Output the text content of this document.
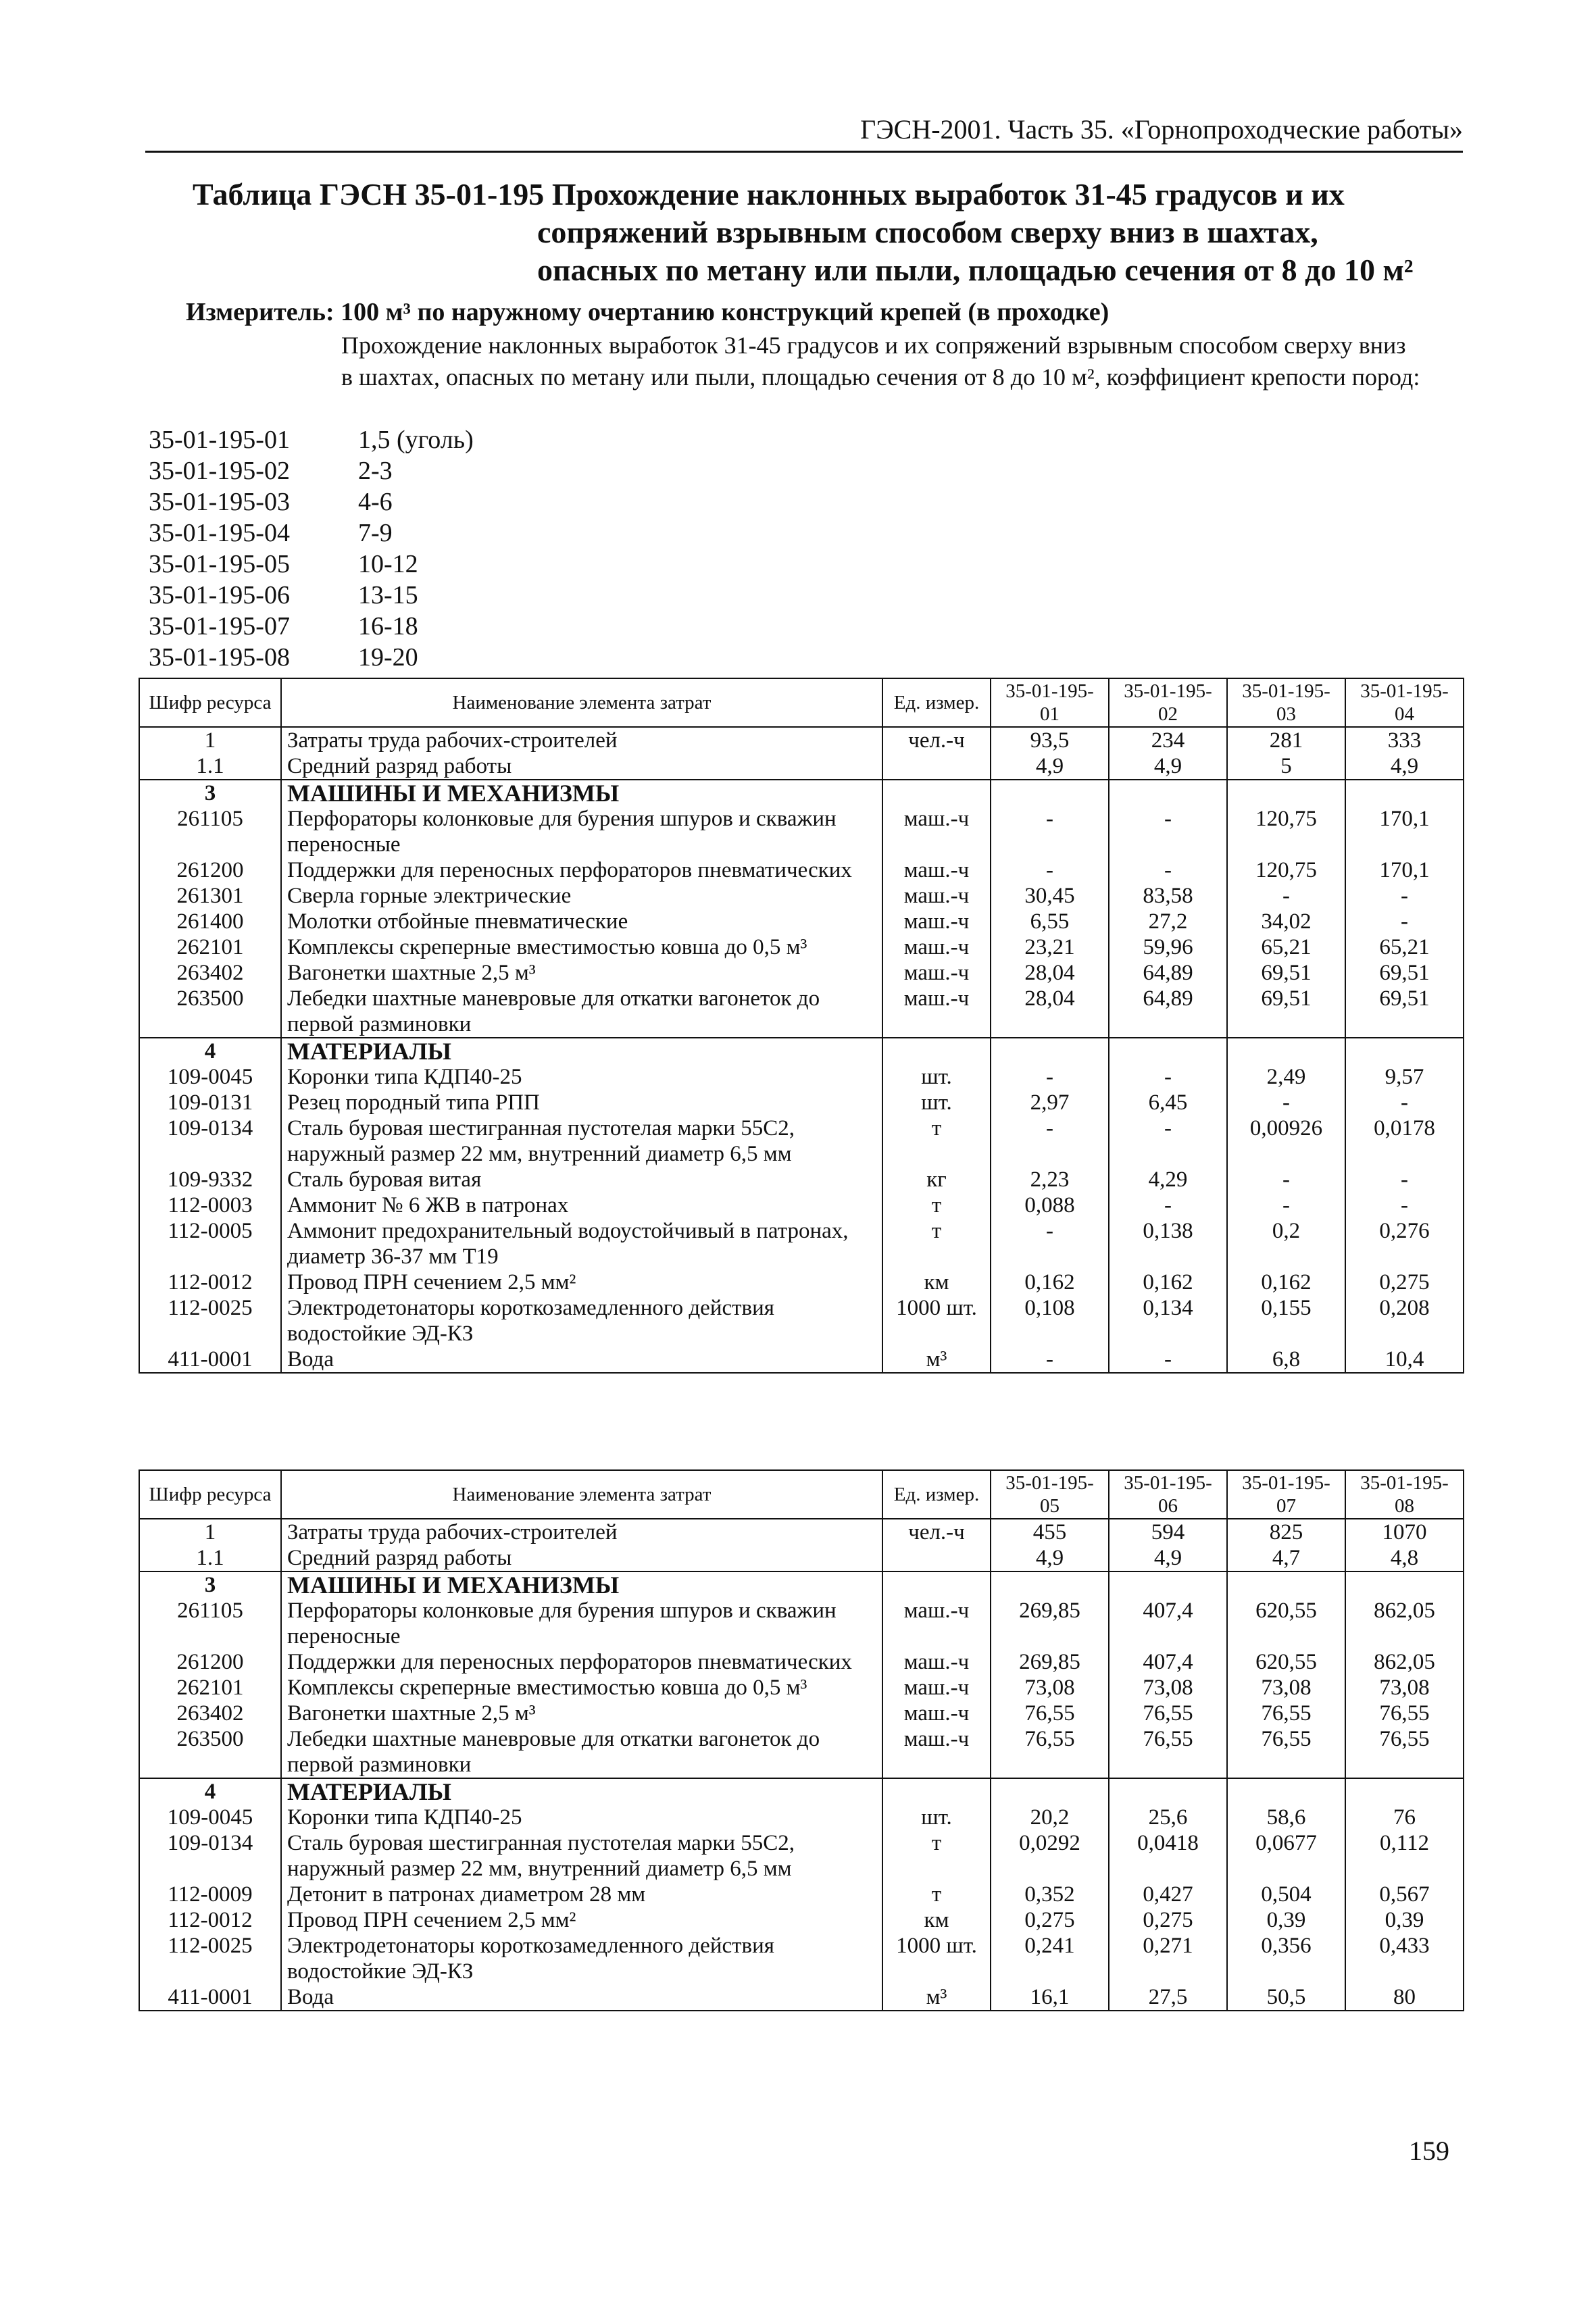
ГЭСН-2001. Часть 35. «Горнопроходческие работы»
Таблица ГЭСН 35-01-195 Прохождение наклонных выработок 31-45 градусов и их
сопряжений взрывным способом сверху вниз в шахтах,
опасных по метану или пыли, площадью сечения от 8 до 10 м²
Измеритель: 100 м³ по наружному очертанию конструкций крепей (в проходке)
Прохождение наклонных выработок 31-45 градусов и их сопряжений взрывным способом сверху вниз в шахтах, опасных по метану или пыли, площадью сечения от 8 до 10 м², коэффициент крепости пород:
35-01-195-01	1,5 (уголь)
35-01-195-02	2-3
35-01-195-03	4-6
35-01-195-04	7-9
35-01-195-05	10-12
35-01-195-06	13-15
35-01-195-07	16-18
35-01-195-08	19-20
Шифр ресурса	Наименование элемента затрат	Ед. измер.	35-01-195-01	35-01-195-02	35-01-195-03	35-01-195-04
1	Затраты труда рабочих-строителей	чел.-ч	93,5	234	281	333
1.1	Средний разряд работы		4,9	4,9	5	4,9
3	МАШИНЫ И МЕХАНИЗМЫ					
261105	Перфораторы колонковые для бурения шпуров и скважин переносные	маш.-ч	-	-	120,75	170,1
261200	Поддержки для переносных перфораторов пневматических	маш.-ч	-	-	120,75	170,1
261301	Сверла горные электрические	маш.-ч	30,45	83,58	-	-
261400	Молотки отбойные пневматические	маш.-ч	6,55	27,2	34,02	-
262101	Комплексы скреперные вместимостью ковша до 0,5 м³	маш.-ч	23,21	59,96	65,21	65,21
263402	Вагонетки шахтные 2,5 м³	маш.-ч	28,04	64,89	69,51	69,51
263500	Лебедки шахтные маневровые для откатки вагонеток до первой разминовки	маш.-ч	28,04	64,89	69,51	69,51
4	МАТЕРИАЛЫ					
109-0045	Коронки типа КДП40-25	шт.	-	-	2,49	9,57
109-0131	Резец породный типа РПП	шт.	2,97	6,45	-	-
109-0134	Сталь буровая шестигранная пустотелая марки 55С2, наружный размер 22 мм, внутренний диаметр 6,5 мм	т	-	-	0,00926	0,0178
109-9332	Сталь буровая витая	кг	2,23	4,29	-	-
112-0003	Аммонит № 6 ЖВ в патронах	т	0,088	-	-	-
112-0005	Аммонит предохранительный водоустойчивый в патронах, диаметр 36-37 мм Т19	т	-	0,138	0,2	0,276
112-0012	Провод ПРН сечением 2,5 мм²	км	0,162	0,162	0,162	0,275
112-0025	Электродетонаторы короткозамедленного действия водостойкие ЭД-КЗ	1000 шт.	0,108	0,134	0,155	0,208
411-0001	Вода	м³	-	-	6,8	10,4
Шифр ресурса	Наименование элемента затрат	Ед. измер.	35-01-195-05	35-01-195-06	35-01-195-07	35-01-195-08
1	Затраты труда рабочих-строителей	чел.-ч	455	594	825	1070
1.1	Средний разряд работы		4,9	4,9	4,7	4,8
3	МАШИНЫ И МЕХАНИЗМЫ					
261105	Перфораторы колонковые для бурения шпуров и скважин переносные	маш.-ч	269,85	407,4	620,55	862,05
261200	Поддержки для переносных перфораторов пневматических	маш.-ч	269,85	407,4	620,55	862,05
262101	Комплексы скреперные вместимостью ковша до 0,5 м³	маш.-ч	73,08	73,08	73,08	73,08
263402	Вагонетки шахтные 2,5 м³	маш.-ч	76,55	76,55	76,55	76,55
263500	Лебедки шахтные маневровые для откатки вагонеток до первой разминовки	маш.-ч	76,55	76,55	76,55	76,55
4	МАТЕРИАЛЫ					
109-0045	Коронки типа КДП40-25	шт.	20,2	25,6	58,6	76
109-0134	Сталь буровая шестигранная пустотелая марки 55С2, наружный размер 22 мм, внутренний диаметр 6,5 мм	т	0,0292	0,0418	0,0677	0,112
112-0009	Детонит в патронах диаметром 28 мм	т	0,352	0,427	0,504	0,567
112-0012	Провод ПРН сечением 2,5 мм²	км	0,275	0,275	0,39	0,39
112-0025	Электродетонаторы короткозамедленного действия водостойкие ЭД-КЗ	1000 шт.	0,241	0,271	0,356	0,433
411-0001	Вода	м³	16,1	27,5	50,5	80
159
